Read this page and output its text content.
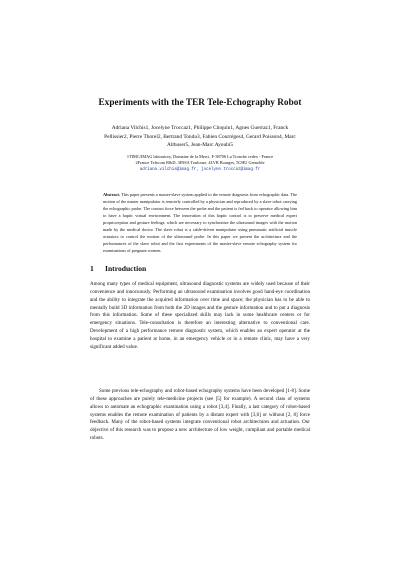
Experiments with the TER Tele-Echography Robot
Adriana Vilchis1, Jocelyne Troccaz1, Philippe Cinquin1, Agnes Guerraz1, Franck Pellissier2, Pierre Thorel2, Bertrand Tondu3, Fabien Courrèges4, Gerard Poisson4, Marc Althuser5, Jean-Marc Ayoubi5
1TIMC/IMAG laboratory, Domaine de la Merci, F-38706 La Tronche cedex - France
2France Telecom R&D, 3INSA Toulouse, 4LVR Bourges, 5CHU Grenoble
adriana.vilchis@imag.fr, jocelyne.troccaz@imag.fr
Abstract. This paper presents a master-slave system applied to the remote diagnosis from echographic data. The motion of the master manipulator is remotely controlled by a physician and reproduced by a slave robot carrying the echographic probe. The contact force between the probe and the patient is fed back to operator allowing him to have a haptic virtual environment. The innovation of this haptic control is to preserve medical expert proprioception and gesture feelings, which are necessary to synchronize the ultrasound images with the motion made by the medical doctor. The slave robot is a cable-driven manipulator using pneumatic artificial muscle actuators to control the motion of the ultrasound probe. In this paper we present the architecture and the performances of the slave robot and the first experiments of the master-slave remote echography system for examinations of pregnant women.
1 Introduction
Among many types of medical equipment, ultrasound diagnostic systems are widely used because of their convenience and innocuously. Performing an ultrasound examination involves good hand-eye coordination and the ability to integrate the acquired information over time and space; the physician has to be able to mentally build 3D information from both the 2D images and the gesture information and to put a diagnosis from this information. Some of these specialized skills may lack in some healthcare centers or for emergency situations. Tele-consultation is therefore an interesting alternative to conventional care. Development of a high performance remote diagnostic system, which enables an expert operator at the hospital to examine a patient at home, in an emergency vehicle or in a remote clinic, may have a very significant added value.
Some previous tele-echography and robot-based echography systems have been developed [1-8]. Some of these approaches are purely tele-medicine projects (see [5] for example). A second class of systems allows to automate an echographic examination using a robot [3,4]. Finally, a last category of robot-based systems enables the remote examination of patients by a distant expert with [3,6] or without [2, 8] force feedback. Many of the robot-based systems integrate conventional robot architectures and actuation. Our objective of this research was to propose a new architecture of low weight, compliant and portable medical robots.
